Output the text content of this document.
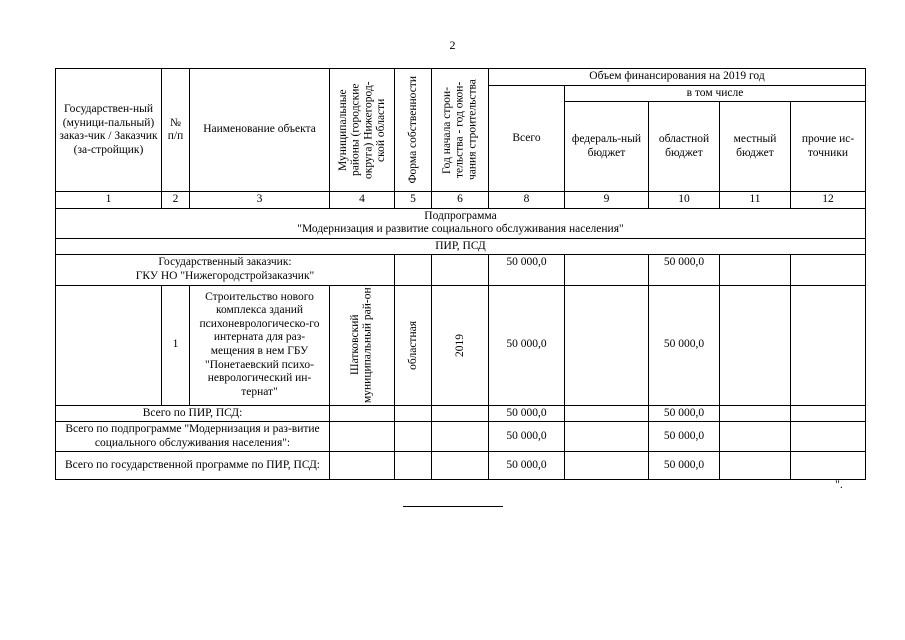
2
Государствен-ный (муници-пальный) заказ-чик / Заказчик (за-стройщик)	№ п/п	Наименование объекта	Муниципальные районы (городские округа) Нижегород-ской области	Форма собственности	Год начала строи-тельства - год окон-чания строительства	Объем финансирования на 2019 год				
						Всего	в том числе			
							федераль-ный бюджет	областной бюджет	местный бюджет	прочие ис-точники
1	2	3	4	5	6	8	9	10	11	12

Подпрограмма
"Модернизация и развитие социального обслуживания населения"										

ПИР, ПСД										

Государственный заказчик:
ГКУ НО "Нижегородстройзаказчик"						50 000,0		50 000,0		
	1	Строительство нового комплекса зданий психоневрологическо-го интерната для раз-мещения в нем ГБУ "Понетаевский психо-неврологический ин-тернат"	Шатковский муниципальный рай-он	областная	2019	50 000,0		50 000,0		
Всего по ПИР, ПСД:						50 000,0		50 000,0		
Всего по подпрограмме "Модернизация и раз-витие социального обслуживания населения":						50 000,0		50 000,0		
Всего по государственной программе по ПИР, ПСД:						50 000,0		50 000,0		
".
